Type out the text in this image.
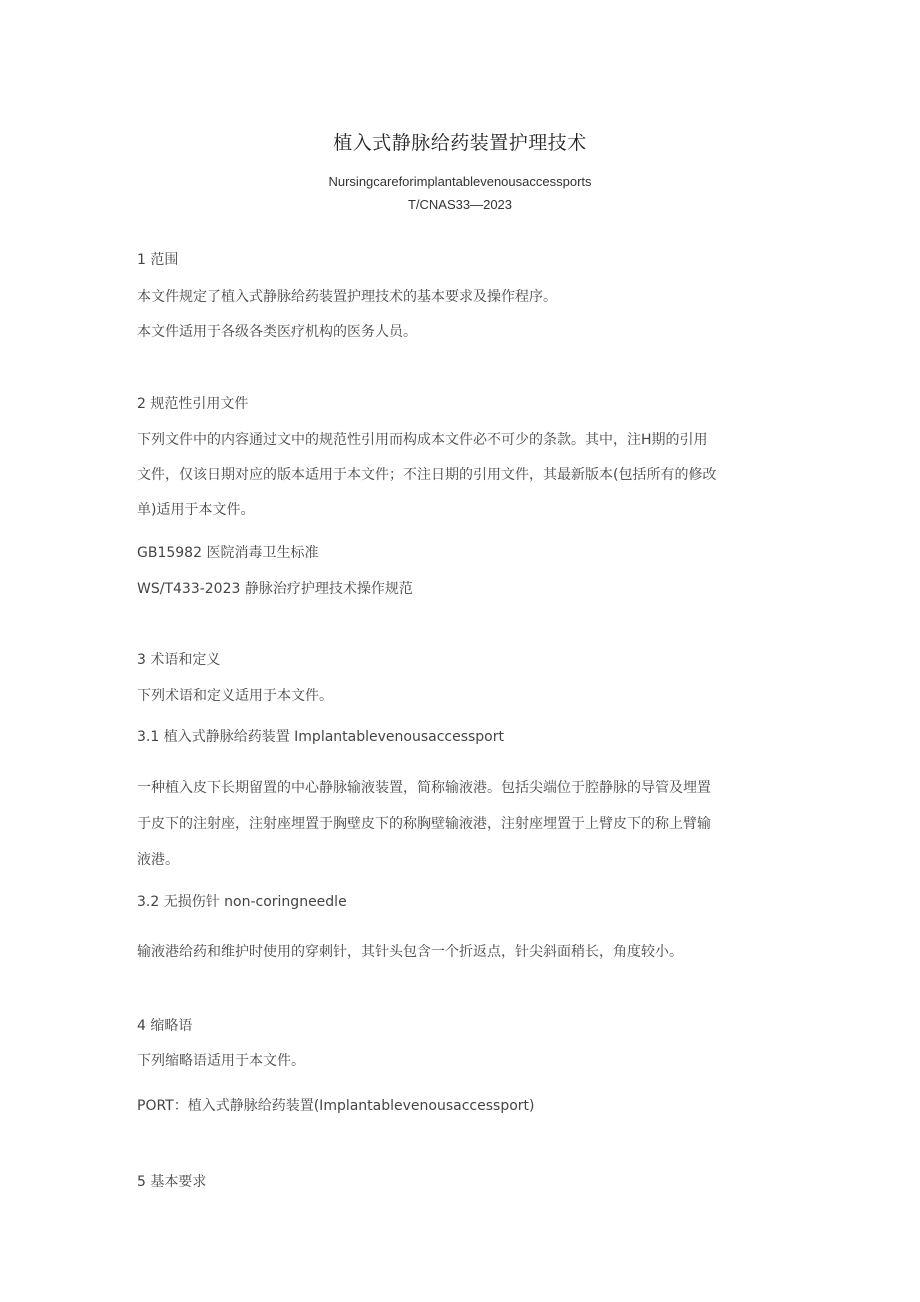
植入式静脉给药装置护理技术
Nursingcareforimplantablevenousaccessports
T/CNAS33—2023
1 范围
本文件规定了植入式静脉给药装置护理技术的基本要求及操作程序。
本文件适用于各级各类医疗机构的医务人员。
2 规范性引用文件
下列文件中的内容通过文中的规范性引用而构成本文件必不可少的条款。其中，注H期的引用
文件，仅该日期对应的版本适用于本文件；不注日期的引用文件，其最新版本(包括所有的修改
单)适用于本文件。
GB15982 医院消毒卫生标准
WS/T433-2023 静脉治疗护理技术操作规范
3 术语和定义
下列术语和定义适用于本文件。
3.1 植入式静脉给药装置 Implantablevenousaccessport
一种植入皮下长期留置的中心静脉输液装置，简称输液港。包括尖端位于腔静脉的导管及埋置
于皮下的注射座，注射座埋置于胸壁皮下的称胸壁输液港，注射座埋置于上臂皮下的称上臂输
液港。
3.2 无损伤针 non-coringneedle
输液港给药和维护时使用的穿刺针，其针头包含一个折返点，针尖斜面稍长，角度较小。
4 缩略语
下列缩略语适用于本文件。
PORT：植入式静脉给药装置(Implantablevenousaccessport)
5 基本要求
